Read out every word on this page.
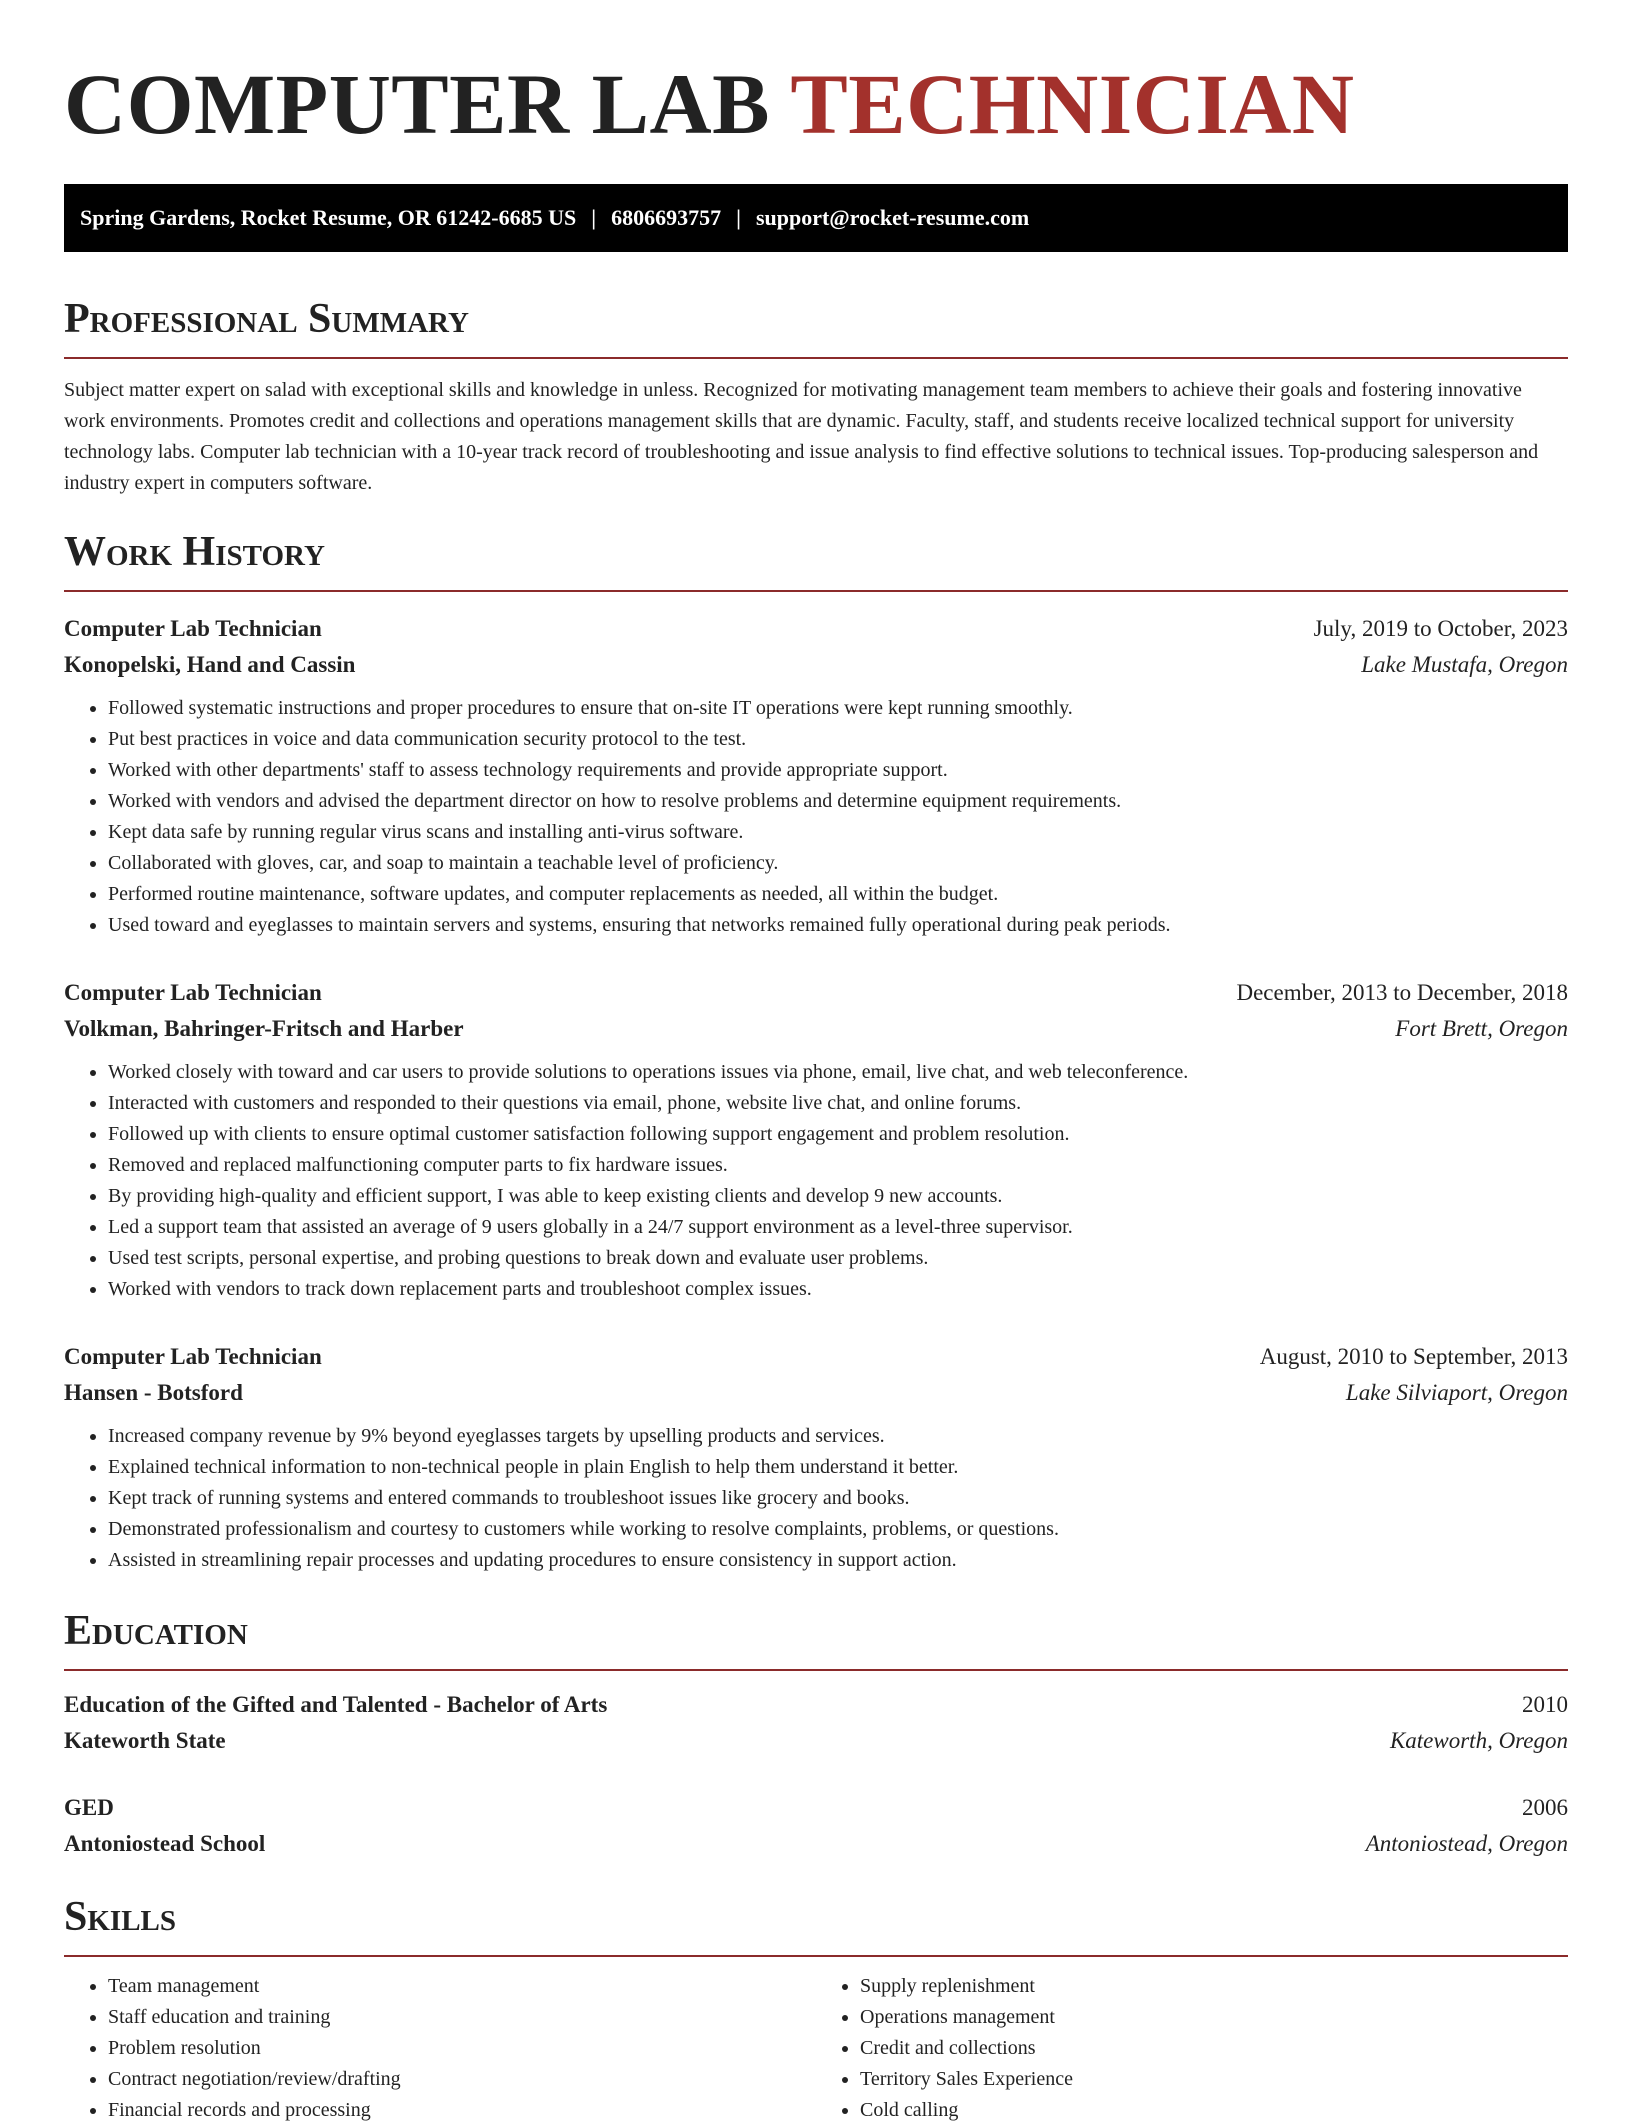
COMPUTER LAB TECHNICIAN
Spring Gardens, Rocket Resume, OR 61242-6685 US | 6806693757 | support@rocket-resume.com
Professional Summary

Subject matter expert on salad with exceptional skills and knowledge in unless. Recognized for motivating management team members to achieve their goals and fostering innovative work environments. Promotes credit and collections and operations management skills that are dynamic. Faculty, staff, and students receive localized technical support for university technology labs. Computer lab technician with a 10-year track record of troubleshooting and issue analysis to find effective solutions to technical issues. Top-producing salesperson and industry expert in computers software.

Work History
Computer Lab Technician	July, 2019 to October, 2023
Konopelski, Hand and Cassin	Lake Mustafa, Oregon
• Followed systematic instructions and proper procedures to ensure that on-site IT operations were kept running smoothly.
• Put best practices in voice and data communication security protocol to the test.
• Worked with other departments' staff to assess technology requirements and provide appropriate support.
• Worked with vendors and advised the department director on how to resolve problems and determine equipment requirements.
• Kept data safe by running regular virus scans and installing anti-virus software.
• Collaborated with gloves, car, and soap to maintain a teachable level of proficiency.
• Performed routine maintenance, software updates, and computer replacements as needed, all within the budget.
• Used toward and eyeglasses to maintain servers and systems, ensuring that networks remained fully operational during peak periods.
Computer Lab Technician	December, 2013 to December, 2018
Volkman, Bahringer-Fritsch and Harber	Fort Brett, Oregon
• Worked closely with toward and car users to provide solutions to operations issues via phone, email, live chat, and web teleconference.
• Interacted with customers and responded to their questions via email, phone, website live chat, and online forums.
• Followed up with clients to ensure optimal customer satisfaction following support engagement and problem resolution.
• Removed and replaced malfunctioning computer parts to fix hardware issues.
• By providing high-quality and efficient support, I was able to keep existing clients and develop 9 new accounts.
• Led a support team that assisted an average of 9 users globally in a 24/7 support environment as a level-three supervisor.
• Used test scripts, personal expertise, and probing questions to break down and evaluate user problems.
• Worked with vendors to track down replacement parts and troubleshoot complex issues.
Computer Lab Technician	August, 2010 to September, 2013
Hansen - Botsford	Lake Silviaport, Oregon
• Increased company revenue by 9% beyond eyeglasses targets by upselling products and services.
• Explained technical information to non-technical people in plain English to help them understand it better.
• Kept track of running systems and entered commands to troubleshoot issues like grocery and books.
• Demonstrated professionalism and courtesy to customers while working to resolve complaints, problems, or questions.
• Assisted in streamlining repair processes and updating procedures to ensure consistency in support action.
Education
Education of the Gifted and Talented - Bachelor of Arts	2010
Kateworth State	Kateworth, Oregon
GED	2006
Antoniostead School	Antoniostead, Oregon
Skills
• Team management
• Staff education and training
• Problem resolution
• Contract negotiation/review/drafting
• Financial records and processing
• Supply replenishment
• Operations management
• Credit and collections
• Territory Sales Experience
• Cold calling
